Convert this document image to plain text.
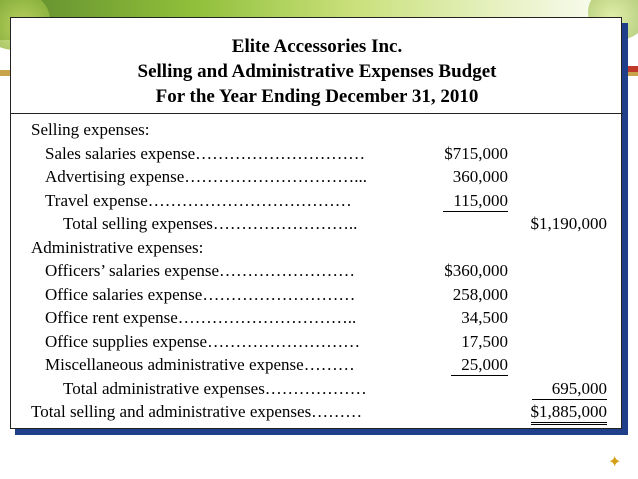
Elite Accessories Inc.
Selling and Administrative Expenses Budget
For the Year Ending December 31, 2010
Selling expenses:
Sales salaries expense…………………………	$715,000
Advertising expense…………………………...	360,000
Travel expense………………………………	115,000
Total selling expenses……………………..	$1,190,000
Administrative expenses:
Officers’ salaries expense……………………	$360,000
Office salaries expense………………………	258,000
Office rent expense…………………………..	34,500
Office supplies expense………………………	17,500
Miscellaneous administrative expense………	25,000
Total administrative expenses………………	695,000
Total selling and administrative expenses………	$1,885,000
✦
